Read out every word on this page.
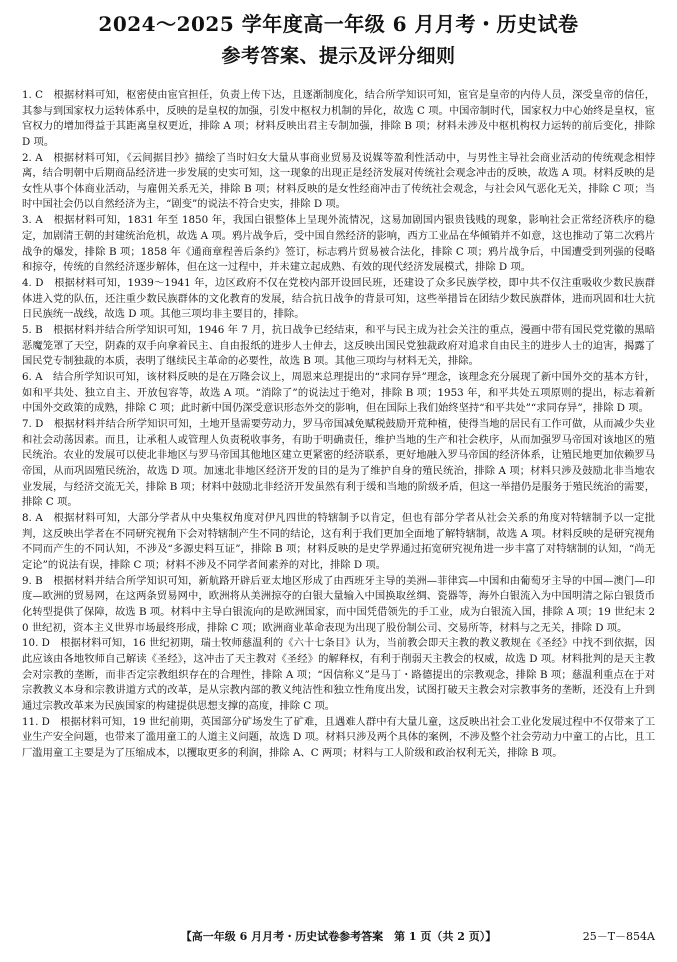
2024～2025 学年度高一年级 6 月月考・历史试卷
参考答案、提示及评分细则

1. C　根据材料可知，枢密使由宦官担任，负责上传下达，且逐渐制度化，结合所学知识可知，宦官是皇帝的内侍人员，深受皇帝的信任，其参与到国家权力运转体系中，反映的是皇权的加强，引发中枢权力机制的异化，故选 C 项。中国帝制时代，国家权力中心始终是皇权，宦官权力的增加得益于其距离皇权更近，排除 A 项；材料反映出君主专制加强，排除 B 项；材料未涉及中枢机构权力运转的前后变化，排除 D 项。

2. A　根据材料可知，《云间据目抄》描绘了当时妇女大量从事商业贸易及说媒等盈利性活动中，与男性主导社会商业活动的传统观念相悖离，结合明朝中后期商品经济进一步发展的史实可知，这一现象的出现正是经济发展对传统社会观念冲击的反映，故选 A 项。材料反映的是女性从事个体商业活动，与雇佣关系无关，排除 B 项；材料反映的是女性经商冲击了传统社会观念，与社会风气恶化无关，排除 C 项；当时中国社会仍以自然经济为主，“剧变”的说法不符合史实，排除 D 项。

3. A　根据材料可知，1831 年至 1850 年，我国白银整体上呈现外流情况，这易加剧国内银贵钱贱的现象，影响社会正常经济秩序的稳定，加剧清王朝的封建统治危机，故选 A 项。鸦片战争后，受中国自然经济的影响，西方工业品在华倾销并不如意，这也推动了第二次鸦片战争的爆发，排除 B 项；1858 年《通商章程善后条约》签订，标志鸦片贸易被合法化，排除 C 项；鸦片战争后，中国遭受到列强的侵略和掠夺，传统的自然经济逐步解体，但在这一过程中，并未建立起成熟、有效的现代经济发展模式，排除 D 项。

4. D　根据材料可知，1939～1941 年，边区政府不仅在党校内部开设回民班，还建设了众多民族学校，即中共不仅注重吸收少数民族群体进入党的队伍，还注重少数民族群体的文化教育的发展，结合抗日战争的背景可知，这些举措旨在团结少数民族群体，进而巩固和壮大抗日民族统一战线，故选 D 项。其他三项均非主要目的，排除。

5. B　根据材料并结合所学知识可知，1946 年 7 月，抗日战争已经结束，和平与民主成为社会关注的重点，漫画中带有国民党党徽的黑暗恶魔笼罩了天空，阴森的双手向拿着民主、自由报纸的进步人士伸去，这反映出国民党独裁政府对追求自由民主的进步人士的迫害，揭露了国民党专制独裁的本质，表明了继续民主革命的必要性，故选 B 项。其他三项均与材料无关，排除。

6. A　结合所学知识可知，该材料反映的是在万隆会议上，周恩来总理提出的“求同存异”理念，该理念充分展现了新中国外交的基本方针，如和平共处、独立自主、开放包容等，故选 A 项。“消除了”的说法过于绝对，排除 B 项；1953 年，和平共处五项原则的提出，标志着新中国外交政策的成熟，排除 C 项；此时新中国仍深受意识形态外交的影响，但在国际上我们始终坚持“和平共处”“求同存异”，排除 D 项。

7. D　根据材料并结合所学知识可知，土地开垦需要劳动力，罗马帝国减免赋税鼓励开荒种植，使得当地的居民有工作可做，从而减少失业和社会动荡因素。而且，让承租人或管理人负责税收事务，有助于明确责任，维护当地的生产和社会秩序，从而加强罗马帝国对该地区的殖民统治。农业的发展可以使北非地区与罗马帝国其他地区建立更紧密的经济联系，更好地融入罗马帝国的经济体系，让殖民地更加依赖罗马帝国，从而巩固殖民统治，故选 D 项。加速北非地区经济开发的目的是为了维护自身的殖民统治，排除 A 项；材料只涉及鼓励北非当地农业发展，与经济交流无关，排除 B 项；材料中鼓励北非经济开发虽然有利于缓和当地的阶级矛盾，但这一举措仍是服务于殖民统治的需要，排除 C 项。

8. A　根据材料可知，大部分学者从中央集权角度对伊凡四世的特辖制予以肯定，但也有部分学者从社会关系的角度对特辖制予以一定批判，这反映出学者在不同研究视角下会对特辖制产生不同的结论，这有利于我们更加全面地了解特辖制，故选 A 项。材料反映的是研究视角不同而产生的不同认知，不涉及“多源史料互证”，排除 B 项；材料反映的是史学界通过拓宽研究视角进一步丰富了对特辖制的认知，“尚无定论”的说法有误，排除 C 项；材料不涉及不同学者间素养的对比，排除 D 项。

9. B　根据材料并结合所学知识可知，新航路开辟后亚太地区形成了由西班牙主导的美洲—菲律宾—中国和由葡萄牙主导的中国—澳门—印度—欧洲的贸易网，在这两条贸易网中，欧洲将从美洲掠夺的白银大量输入中国换取丝绸、瓷器等，海外白银流入为中国明清之际白银货币化转型提供了保障，故选 B 项。材料中主导白银流向的是欧洲国家，而中国凭借领先的手工业，成为白银流入国，排除 A 项；19 世纪末 20 世纪初，资本主义世界市场最终形成，排除 C 项；欧洲商业革命表现为出现了股份制公司、交易所等，材料与之无关，排除 D 项。

10. D　根据材料可知，16 世纪初期，瑞士牧师慈温利的《六十七条目》认为，当前教会即天主教的教义教规在《圣经》中找不到依据，因此应该由各地牧师自己解读《圣经》，这冲击了天主教对《圣经》的解释权，有利于削弱天主教会的权威，故选 D 项。材料批判的是天主教会对宗教的垄断，而非否定宗教组织存在的合理性，排除 A 项；“因信称义”是马丁・路德提出的宗教观念，排除 B 项；慈温利重点在于对宗教教义本身和宗教讲道方式的改革，是从宗教内部的教义纯洁性和独立性角度出发，试图打破天主教会对宗教事务的垄断，还没有上升到通过宗教改革来为民族国家的构建提供思想支撑的高度，排除 C 项。

11. D　根据材料可知，19 世纪前期，英国部分矿场发生了矿难，且遇难人群中有大量儿童，这反映出社会工业化发展过程中不仅带来了工业生产安全问题，也带来了滥用童工的人道主义问题，故选 D 项。材料只涉及两个具体的案例，不涉及整个社会劳动力中童工的占比，且工厂滥用童工主要是为了压缩成本，以攫取更多的利润，排除 A、C 两项；材料与工人阶级和政治权利无关，排除 B 项。

【高一年级 6 月月考・历史试卷参考答案　第 1 页（共 2 页）】	25－T－854A
